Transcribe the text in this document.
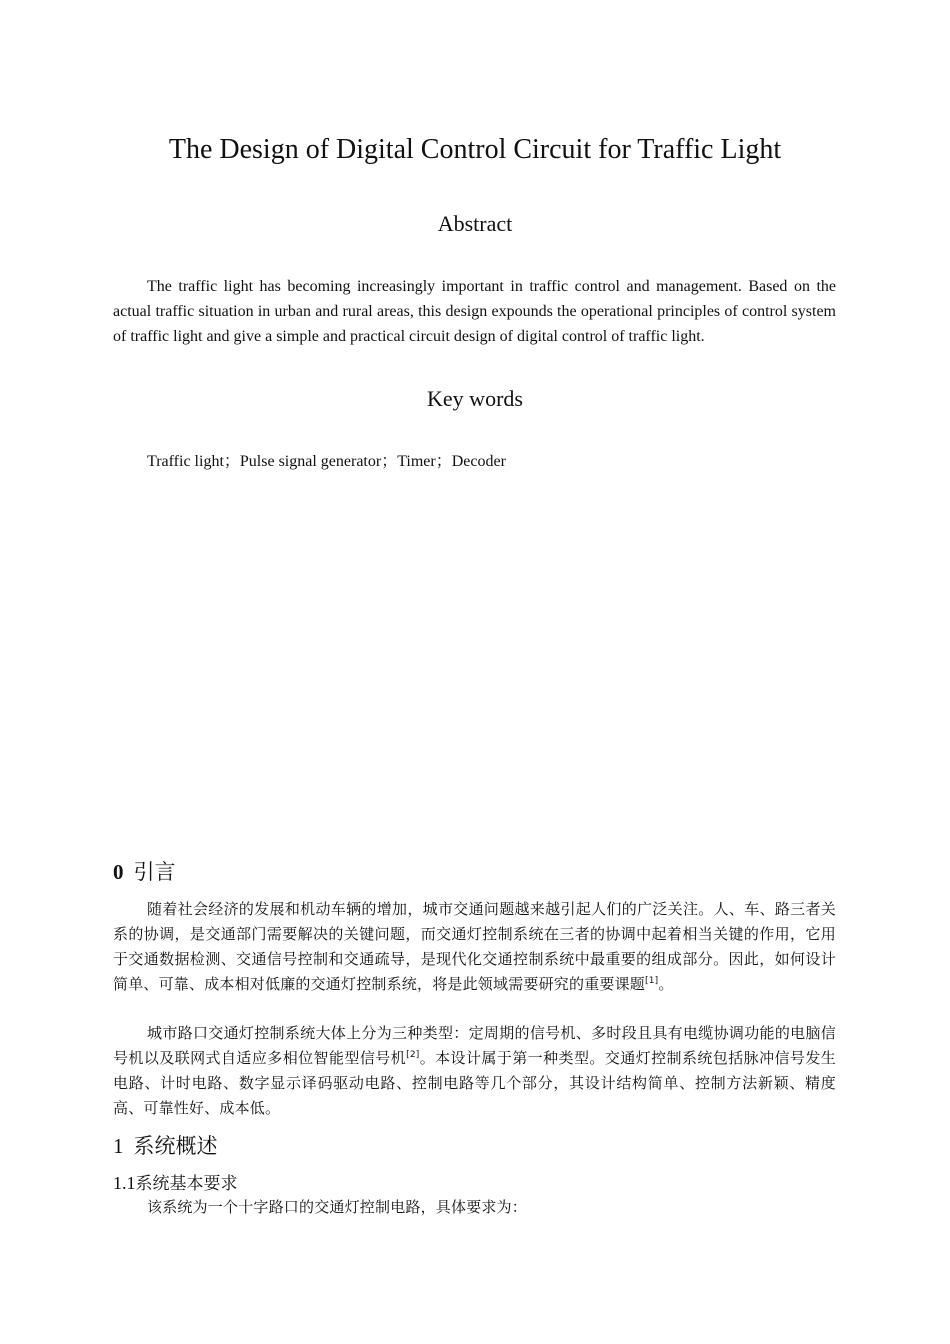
The Design of Digital Control Circuit for Traffic Light
Abstract
The traffic light has becoming increasingly important in traffic control and management. Based on the actual traffic situation in urban and rural areas, this design expounds the operational principles of control system of traffic light and give a simple and practical circuit design of digital control of traffic light.
Key words
Traffic light；Pulse signal generator；Timer；Decoder
0 引言
随着社会经济的发展和机动车辆的增加，城市交通问题越来越引起人们的广泛关注。人、车、路三者关系的协调，是交通部门需要解决的关键问题，而交通灯控制系统在三者的协调中起着相当关键的作用，它用于交通数据检测、交通信号控制和交通疏导，是现代化交通控制系统中最重要的组成部分。因此，如何设计简单、可靠、成本相对低廉的交通灯控制系统，将是此领域需要研究的重要课题[1]。
城市路口交通灯控制系统大体上分为三种类型：定周期的信号机、多时段且具有电缆协调功能的电脑信号机以及联网式自适应多相位智能型信号机[2]。本设计属于第一种类型。交通灯控制系统包括脉冲信号发生电路、计时电路、数字显示译码驱动电路、控制电路等几个部分，其设计结构简单、控制方法新颖、精度高、可靠性好、成本低。
1 系统概述
1.1系统基本要求
该系统为一个十字路口的交通灯控制电路，具体要求为：
